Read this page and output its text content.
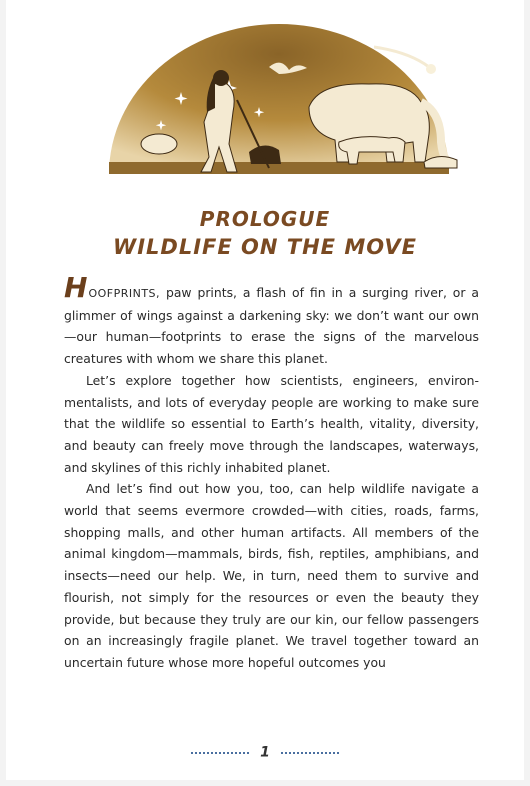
PROLOGUE
WILDLIFE ON THE MOVE

HOOFPRINTS, paw prints, a flash of fin in a surging river, or a glimmer of wings against a darkening sky: we don’t want our own—our human—footprints to erase the signs of the marvelous creatures with whom we share this planet.

Let’s explore together how scientists, engineers, environmentalists, and lots of everyday people are working to make sure that the wildlife so essential to Earth’s health, vitality, diversity, and beauty can freely move through the landscapes, waterways, and skylines of this richly inhabited planet.

And let’s find out how you, too, can help wildlife navigate a world that seems evermore crowded—with cities, roads, farms, shopping malls, and other human artifacts. All members of the animal kingdom—mammals, birds, fish, reptiles, amphibians, and insects—need our help. We, in turn, need them to survive and flourish, not simply for the resources or even the beauty they provide, but because they truly are our kin, our fellow passengers on an increasingly fragile planet. We travel together toward an uncertain future whose more hopeful outcomes you

1
